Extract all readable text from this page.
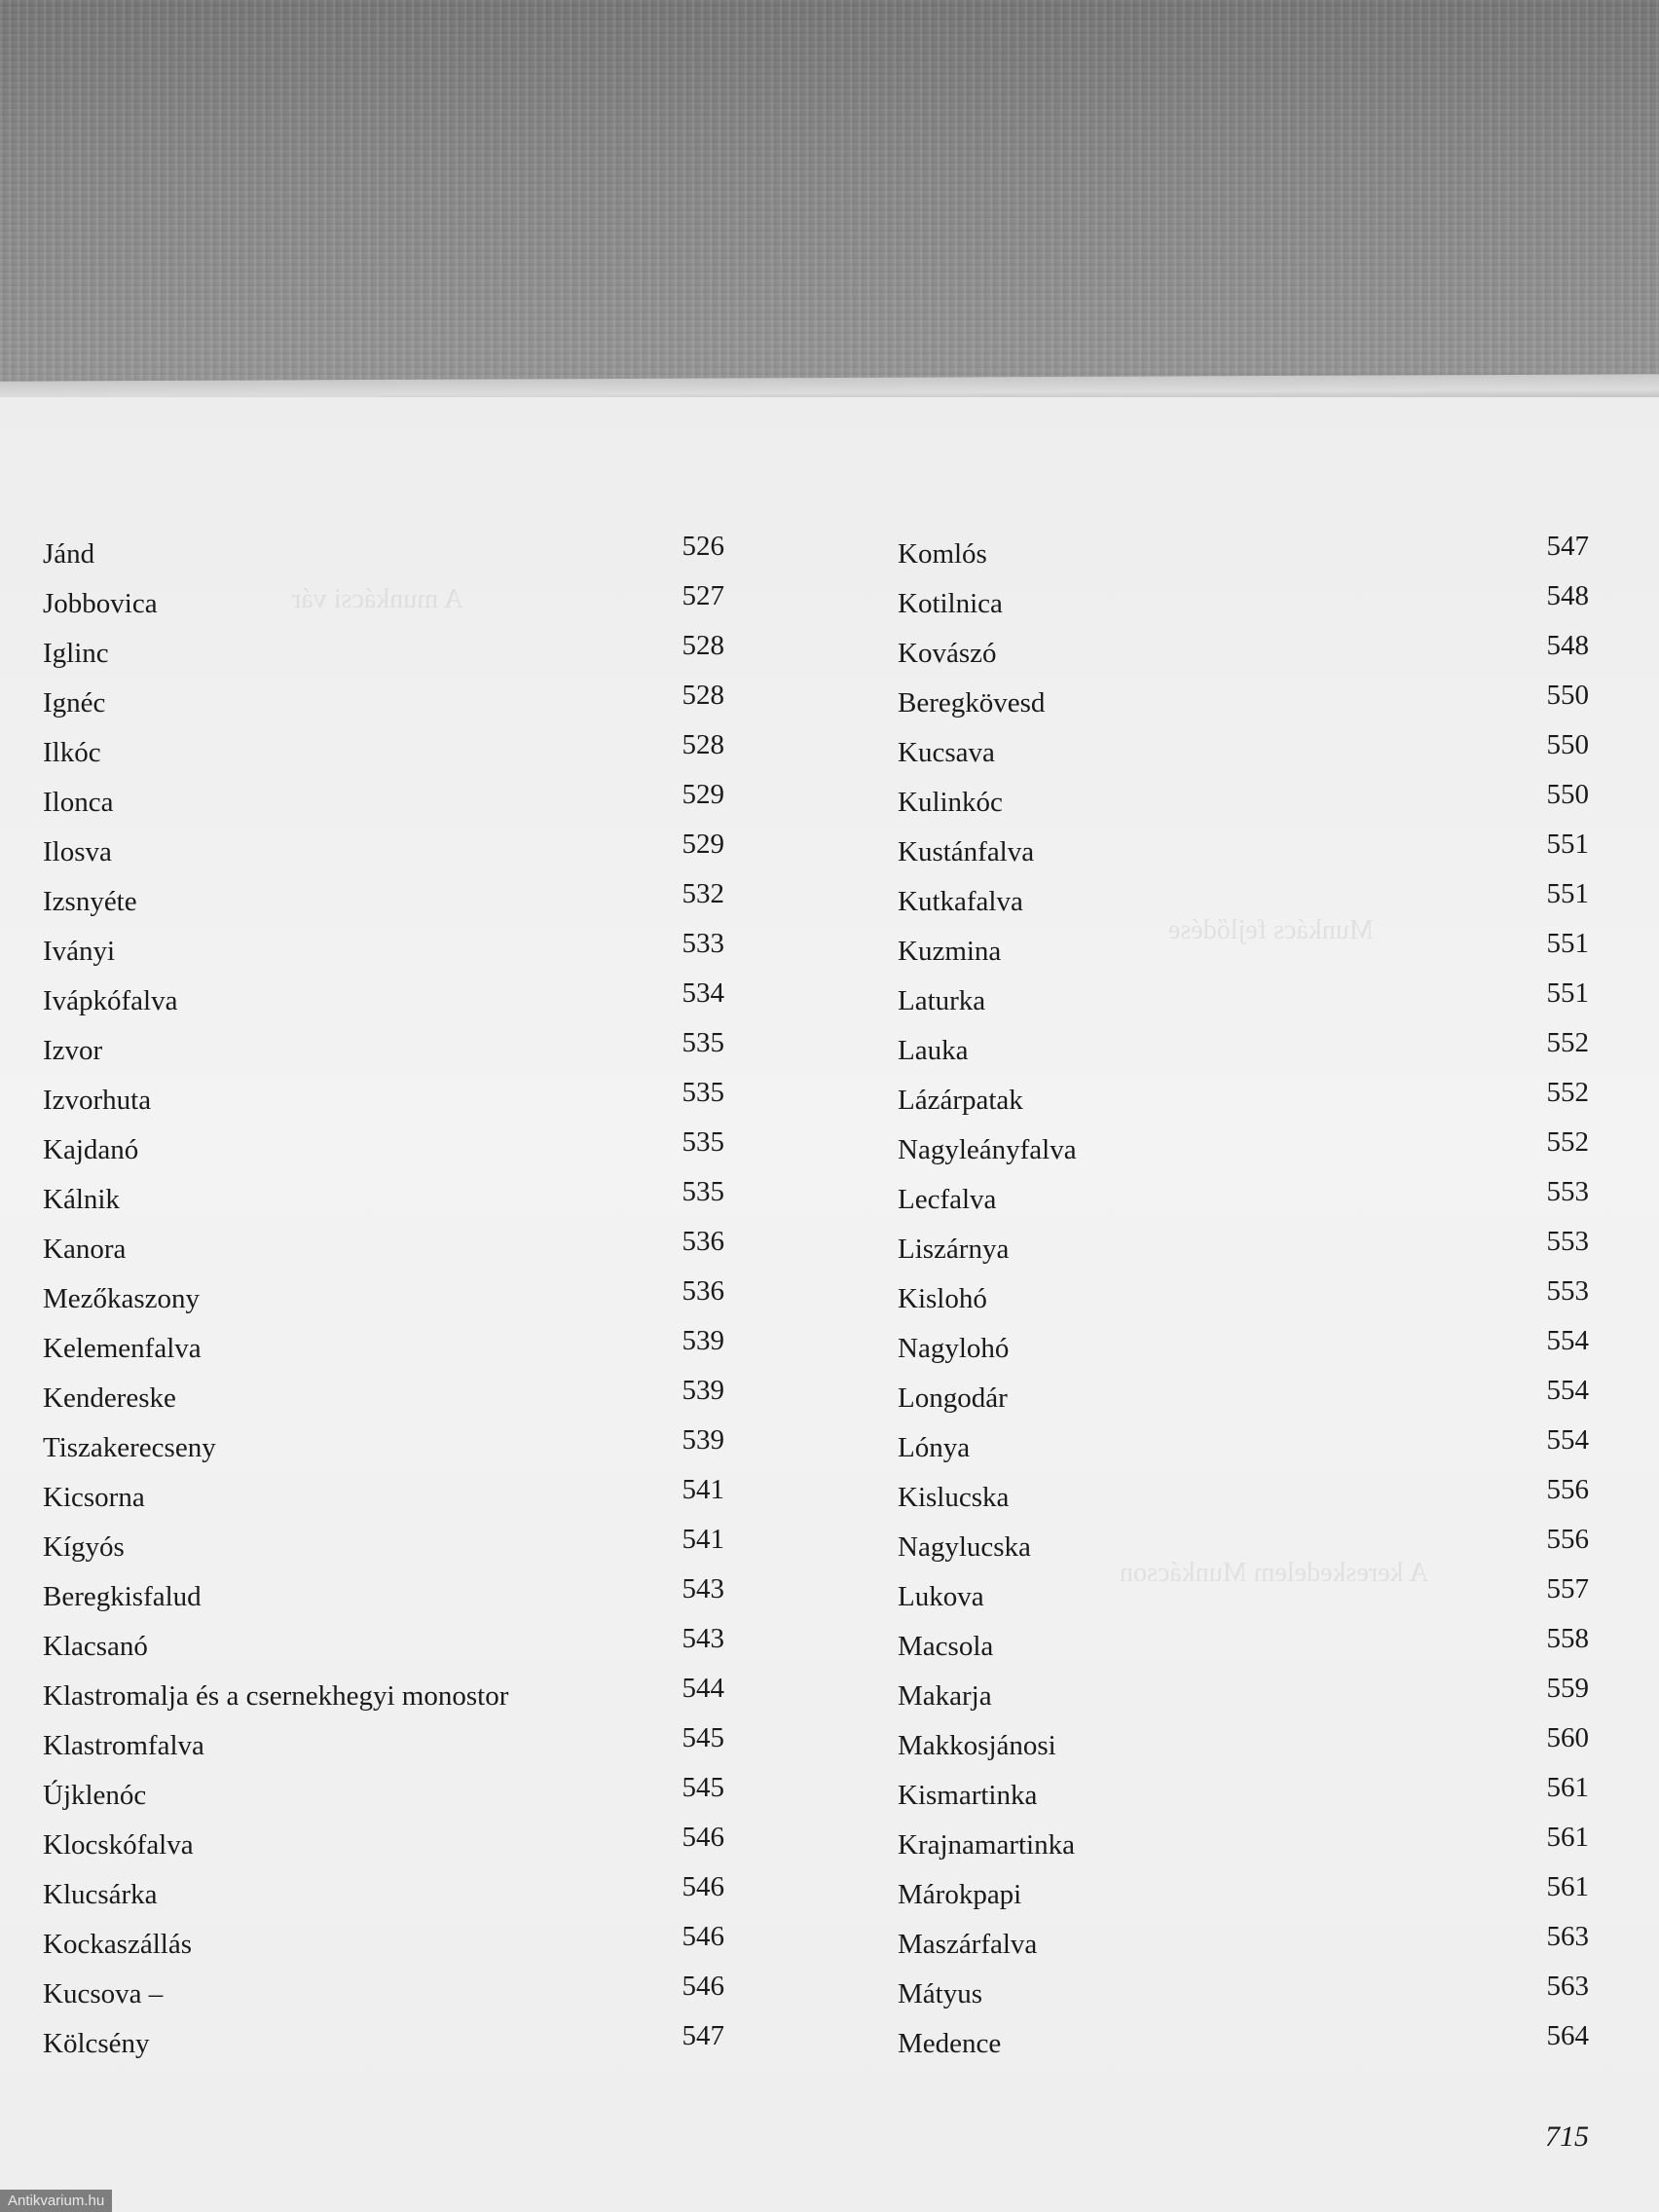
A munkácsi vár
Munkács fejlődése
A kereskedelem Munkácson
Jánd	526
Jobbovica	527
Iglinc	528
Ignéc	528
Ilkóc	528
Ilonca	529
Ilosva	529
Izsnyéte	532
Iványi	533
Ivápkófalva	534
Izvor	535
Izvorhuta	535
Kajdanó	535
Kálnik	535
Kanora	536
Mezőkaszony	536
Kelemenfalva	539
Kendereske	539
Tiszakerecseny	539
Kicsorna	541
Kígyós	541
Beregkisfalud	543
Klacsanó	543
Klastromalja és a csernekhegyi monostor	544
Klastromfalva	545
Újklenóc	545
Klocskófalva	546
Klucsárka	546
Kockaszállás	546
Kucsova –	546
Kölcsény	547
Komlós	547
Kotilnica	548
Kovászó	548
Beregkövesd	550
Kucsava	550
Kulinkóc	550
Kustánfalva	551
Kutkafalva	551
Kuzmina	551
Laturka	551
Lauka	552
Lázárpatak	552
Nagyleányfalva	552
Lecfalva	553
Liszárnya	553
Kislohó	553
Nagylohó	554
Longodár	554
Lónya	554
Kislucska	556
Nagylucska	556
Lukova	557
Macsola	558
Makarja	559
Makkosjánosi	560
Kismartinka	561
Krajnamartinka	561
Márokpapi	561
Maszárfalva	563
Mátyus	563
Medence	564
715
Antikvarium.hu
